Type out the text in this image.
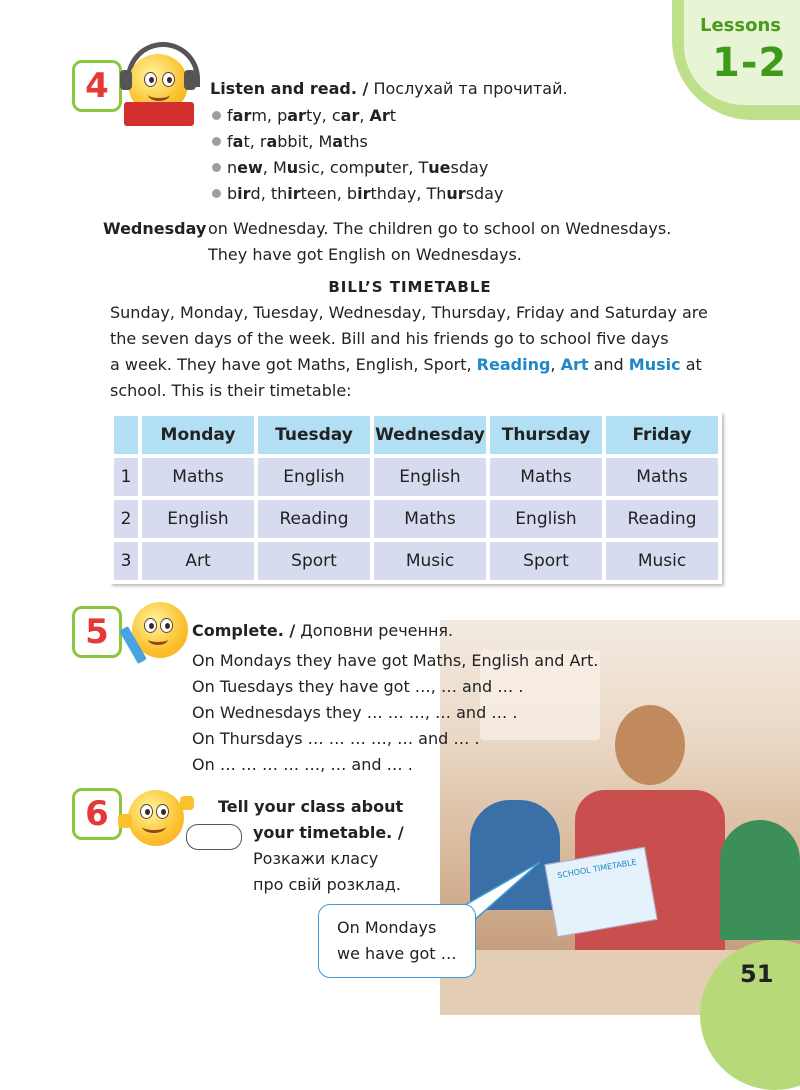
Lessons
1-2
4	Listen and read. / Послухай та прочитай.
farm, party, car, Art
fat, rabbit, Maths
new, Music, computer, Tuesday
bird, thirteen, birthday, Thursday
Wednesday on Wednesday. The children go to school on Wednesdays.
They have got English on Wednesdays.
BILL’S TIMETABLE
Sunday, Monday, Tuesday, Wednesday, Thursday, Friday and Saturday are
the seven days of the week. Bill and his friends go to school five days
a week. They have got Maths, English, Sport, Reading, Art and Music at
school. This is their timetable:
	Monday	Tuesday	Wednesday	Thursday	Friday
1	Maths	English	English	Maths	Maths
2	English	Reading	Maths	English	Reading
3	Art	Sport	Music	Sport	Music
SCHOOL TIMETABLE
5	Complete. / Доповни речення.
On Mondays they have got Maths, English and Art.
On Tuesdays they have got …, … and … .
On Wednesdays they … … …, … and … .
On Thursdays … … … …, … and … .
On … … … … …, … and … .
6	Tell your class about
your timetable. /
Розкажи класу
про свій розклад.
On Mondays
we have got …
51
